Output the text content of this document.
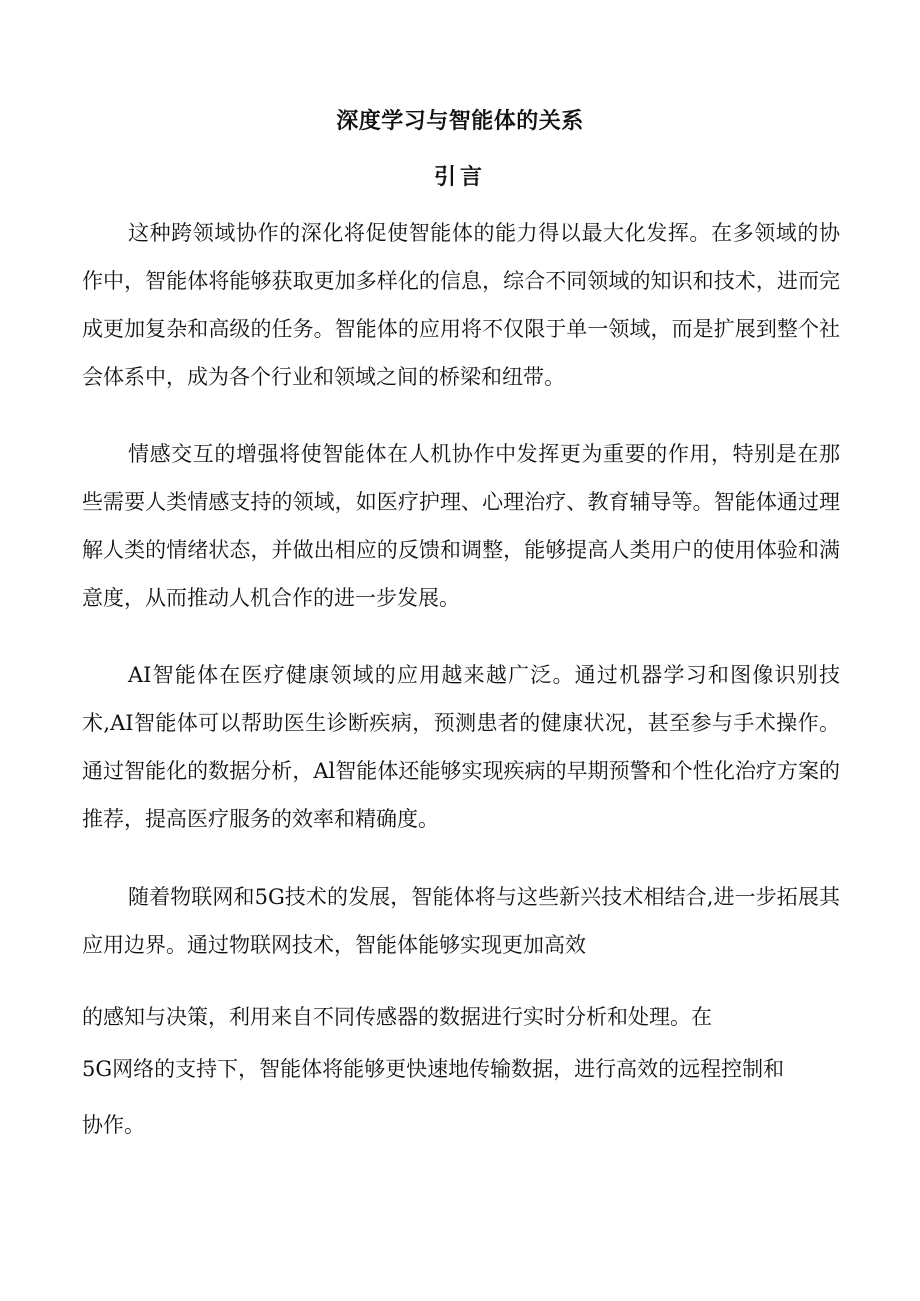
深度学习与智能体的关系
引言

这种跨领域协作的深化将促使智能体的能力得以最大化发挥。在多领域的协作中，智能体将能够获取更加多样化的信息，综合不同领域的知识和技术，进而完成更加复杂和高级的任务。智能体的应用将不仅限于单一领域，而是扩展到整个社会体系中，成为各个行业和领域之间的桥梁和纽带。

情感交互的增强将使智能体在人机协作中发挥更为重要的作用，特别是在那些需要人类情感支持的领域，如医疗护理、心理治疗、教育辅导等。智能体通过理解人类的情绪状态，并做出相应的反馈和调整，能够提高人类用户的使用体验和满意度，从而推动人机合作的进一步发展。

AI智能体在医疗健康领域的应用越来越广泛。通过机器学习和图像识别技术,AI智能体可以帮助医生诊断疾病，预测患者的健康状况，甚至参与手术操作。通过智能化的数据分析，Al智能体还能够实现疾病的早期预警和个性化治疗方案的推荐，提高医疗服务的效率和精确度。

随着物联网和5G技术的发展，智能体将与这些新兴技术相结合,进一步拓展其应用边界。通过物联网技术，智能体能够实现更加高效

的感知与决策，利用来自不同传感器的数据进行实时分析和处理。在

5G网络的支持下，智能体将能够更快速地传输数据，进行高效的远程控制和

协作。
